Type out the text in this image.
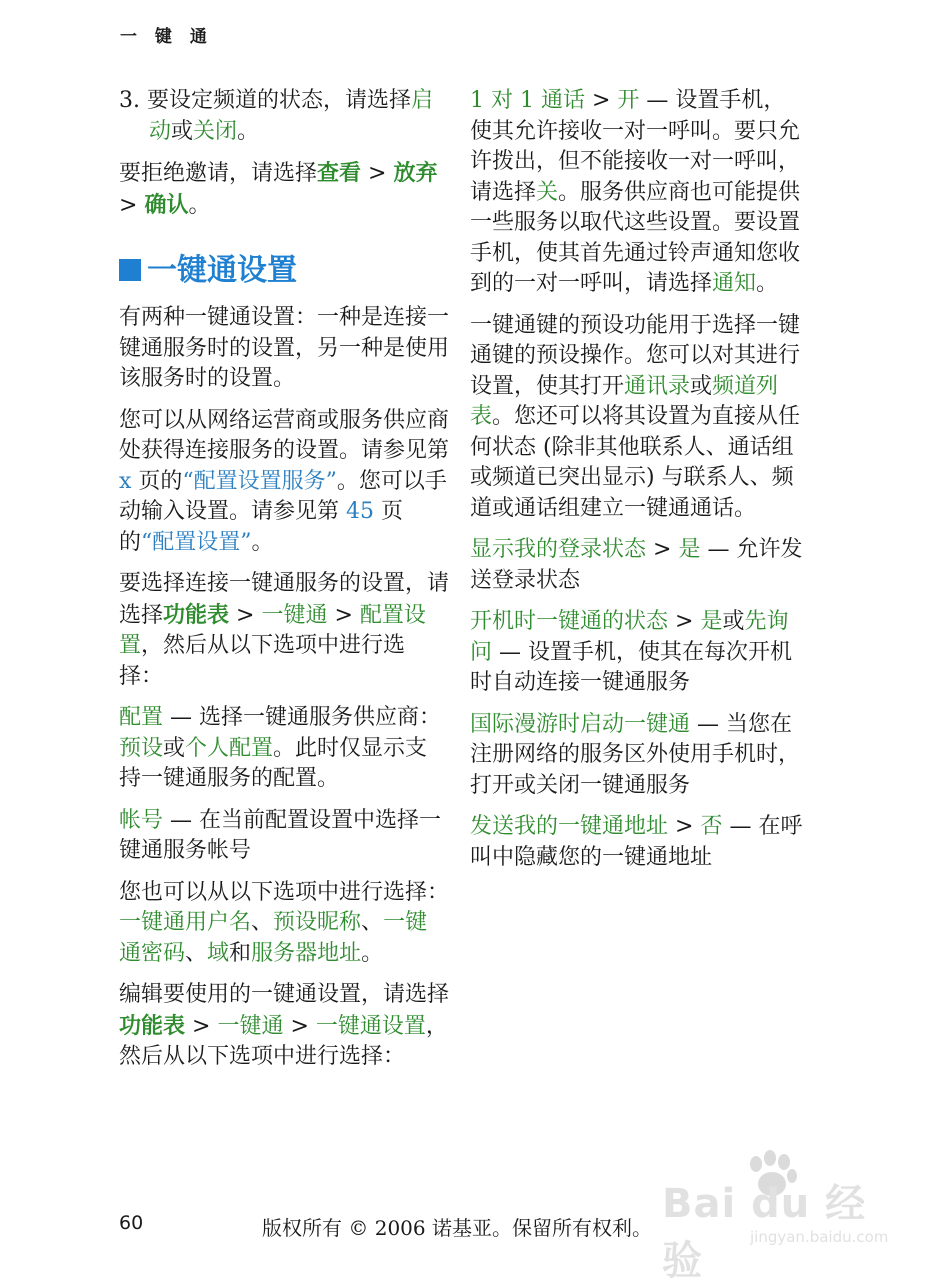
一 键 通

3. 要设定频道的状态，请选择启动或关闭。

要拒绝邀请，请选择查看 > 放弃 > 确认。

一键通设置

有两种一键通设置：一种是连接一键通服务时的设置，另一种是使用该服务时的设置。

您可以从网络运营商或服务供应商处获得连接服务的设置。请参见第 x 页的“配置设置服务”。您可以手动输入设置。请参见第 45 页的“配置设置”。

要选择连接一键通服务的设置，请选择功能表 > 一键通 > 配置设置，然后从以下选项中进行选择：

配置 — 选择一键通服务供应商：预设或个人配置。此时仅显示支持一键通服务的配置。

帐号 — 在当前配置设置中选择一键通服务帐号

您也可以从以下选项中进行选择：一键通用户名、预设昵称、一键通密码、域和服务器地址。

编辑要使用的一键通设置，请选择功能表 > 一键通 > 一键通设置，然后从以下选项中进行选择：

1 对 1 通话 > 开 — 设置手机，使其允许接收一对一呼叫。要只允许拨出，但不能接收一对一呼叫，请选择关。服务供应商也可能提供一些服务以取代这些设置。要设置手机，使其首先通过铃声通知您收到的一对一呼叫，请选择通知。

一键通键的预设功能用于选择一键通键的预设操作。您可以对其进行设置，使其打开通讯录或频道列表。您还可以将其设置为直接从任何状态 (除非其他联系人、通话组或频道已突出显示) 与联系人、频道或通话组建立一键通通话。

显示我的登录状态 > 是 — 允许发送登录状态

开机时一键通的状态 > 是或先询问 — 设置手机，使其在每次开机时自动连接一键通服务

国际漫游时启动一键通 — 当您在注册网络的服务区外使用手机时，打开或关闭一键通服务

发送我的一键通地址 > 否 — 在呼叫中隐藏您的一键通地址

60	版权所有 © 2006 诺基亚。保留所有权利。
Bai du 经验
jingyan.baidu.com
